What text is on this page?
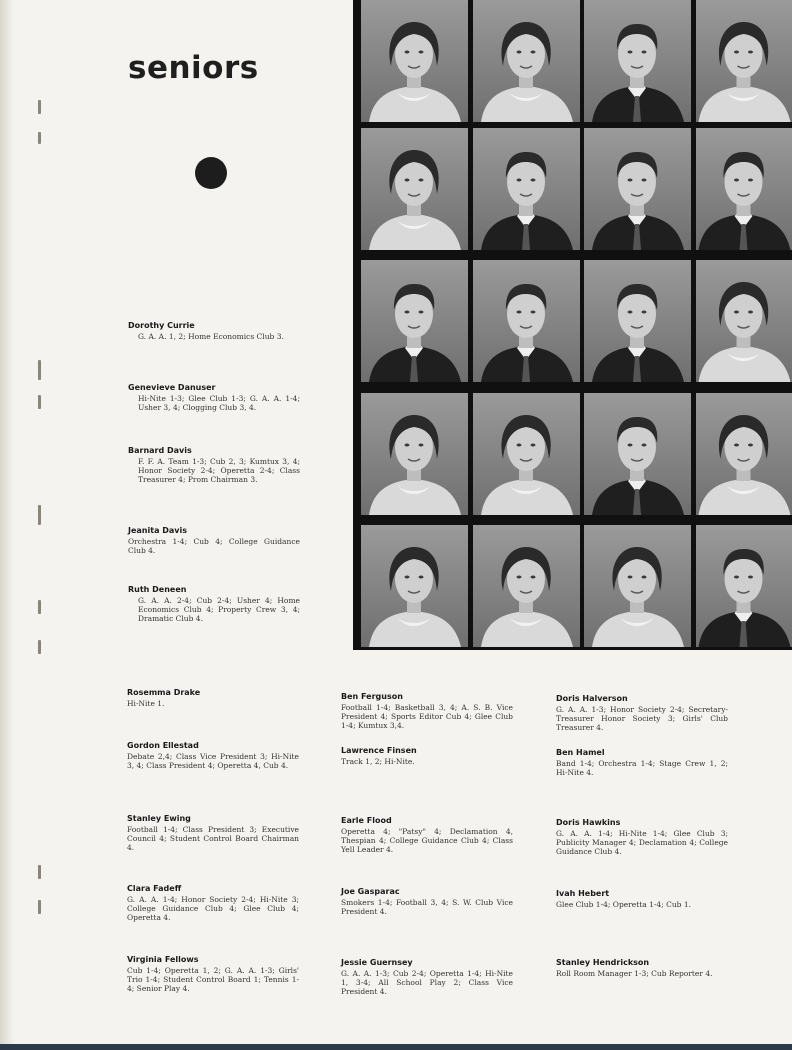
seniors
Dorothy Currie
G. A. A. 1, 2; Home Economics Club 3.
Genevieve Danuser
Hi-Nite 1-3; Glee Club 1-3; G. A. A. 1-4; Usher 3, 4; Clogging Club 3, 4.
Barnard Davis
F. F. A. Team 1-3; Cub 2, 3; Kumtux 3, 4; Honor Society 2-4; Operetta 2-4; Class Treasurer 4; Prom Chairman 3.
Jeanita Davis
Orchestra 1-4; Cub 4; College Guidance Club 4.
Ruth Deneen
G. A. A. 2-4; Cub 2-4; Usher 4; Home Economics Club 4; Property Crew 3, 4; Dramatic Club 4.
Rosemma Drake
Hi-Nite 1.
Gordon Ellestad
Debate 2,4; Class Vice President 3; Hi-Nite 3, 4; Class President 4; Operetta 4, Cub 4.
Stanley Ewing
Football 1-4; Class President 3; Executive Council 4; Student Control Board Chairman 4.
Clara Fadeff
G. A. A. 1-4; Honor Society 2-4; Hi-Nite 3; College Guidance Club 4; Glee Club 4; Operetta 4.
Virginia Fellows
Cub 1-4; Operetta 1, 2; G. A. A. 1-3; Girls' Trio 1-4; Student Control Board 1; Tennis 1-4; Senior Play 4.
Ben Ferguson
Football 1-4; Basketball 3, 4; A. S. B. Vice President 4; Sports Editor Cub 4; Glee Club 1-4; Kumtux 3,4.
Lawrence Finsen
Track 1, 2; Hi-Nite.
Earle Flood
Operetta 4; "Patsy" 4; Declamation 4, Thespian 4; College Guidance Club 4; Class Yell Leader 4.
Joe Gasparac
Smokers 1-4; Football 3, 4; S. W. Club Vice President 4.
Jessie Guernsey
G. A. A. 1-3; Cub 2-4; Operetta 1-4; Hi-Nite 1, 3-4; All School Play 2; Class Vice President 4.
Doris Halverson
G. A. A. 1-3; Honor Society 2-4; Secretary-Treasurer Honor Society 3; Girls' Club Treasurer 4.
Ben Hamel
Band 1-4; Orchestra 1-4; Stage Crew 1, 2; Hi-Nite 4.
Doris Hawkins
G. A. A. 1-4; Hi-Nite 1-4; Glee Club 3; Publicity Manager 4; Declamation 4; College Guidance Club 4.
Ivah Hebert
Glee Club 1-4; Operetta 1-4; Cub 1.
Stanley Hendrickson
Roll Room Manager 1-3; Cub Reporter 4.
